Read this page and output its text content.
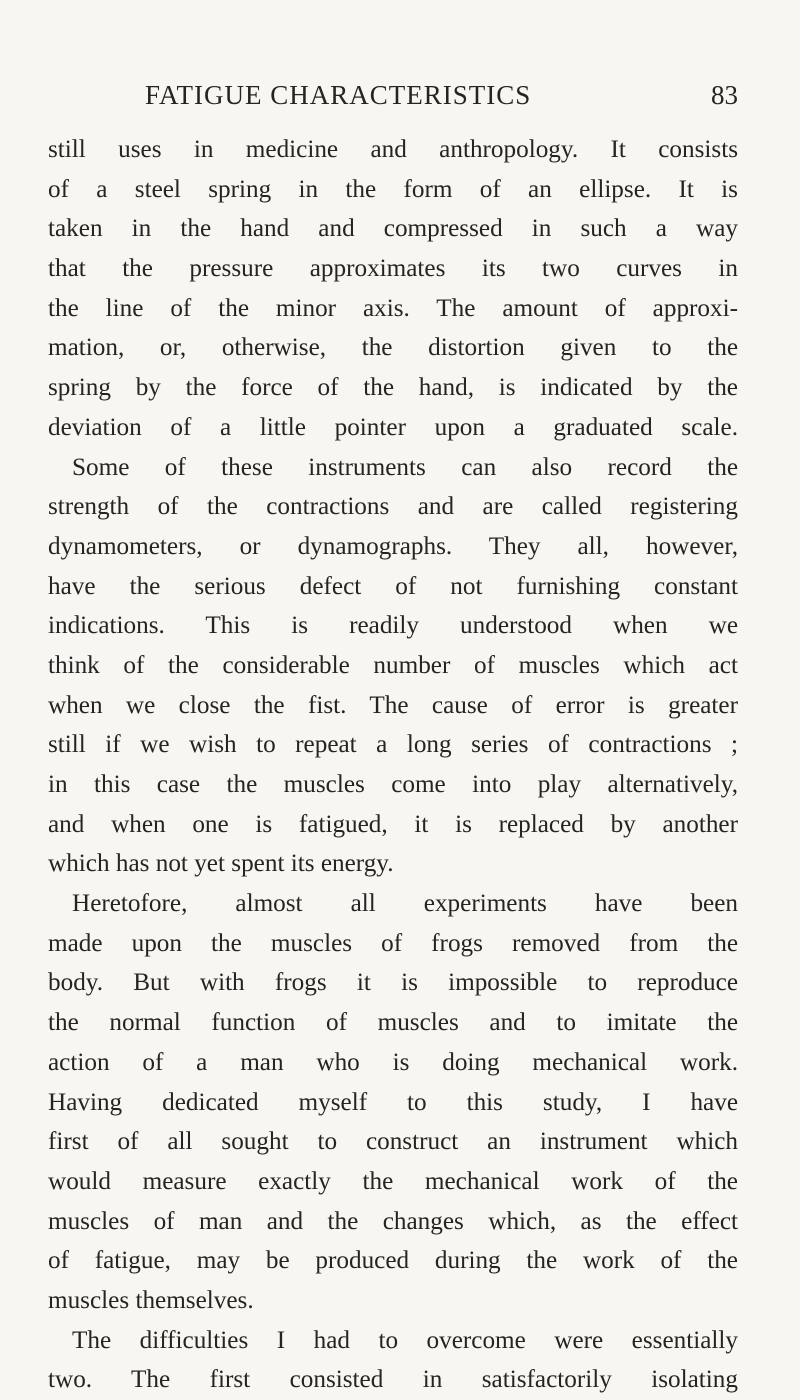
FATIGUE CHARACTERISTICS	83
still uses in medicine and anthropology. It consists
of a steel spring in the form of an ellipse. It is
taken in the hand and compressed in such a way
that the pressure approximates its two curves in
the line of the minor axis. The amount of approxi-
mation, or, otherwise, the distortion given to the
spring by the force of the hand, is indicated by the
deviation of a little pointer upon a graduated scale.
Some of these instruments can also record the
strength of the contractions and are called registering
dynamometers, or dynamographs. They all, however,
have the serious defect of not furnishing constant
indications. This is readily understood when we
think of the considerable number of muscles which act
when we close the fist. The cause of error is greater
still if we wish to repeat a long series of contractions ;
in this case the muscles come into play alternatively,
and when one is fatigued, it is replaced by another
which has not yet spent its energy.
Heretofore, almost all experiments have been
made upon the muscles of frogs removed from the
body. But with frogs it is impossible to reproduce
the normal function of muscles and to imitate the
action of a man who is doing mechanical work.
Having dedicated myself to this study, I have
first of all sought to construct an instrument which
would measure exactly the mechanical work of the
muscles of man and the changes which, as the effect
of fatigue, may be produced during the work of the
muscles themselves.
The difficulties I had to overcome were essentially
two. The first consisted in satisfactorily isolating
